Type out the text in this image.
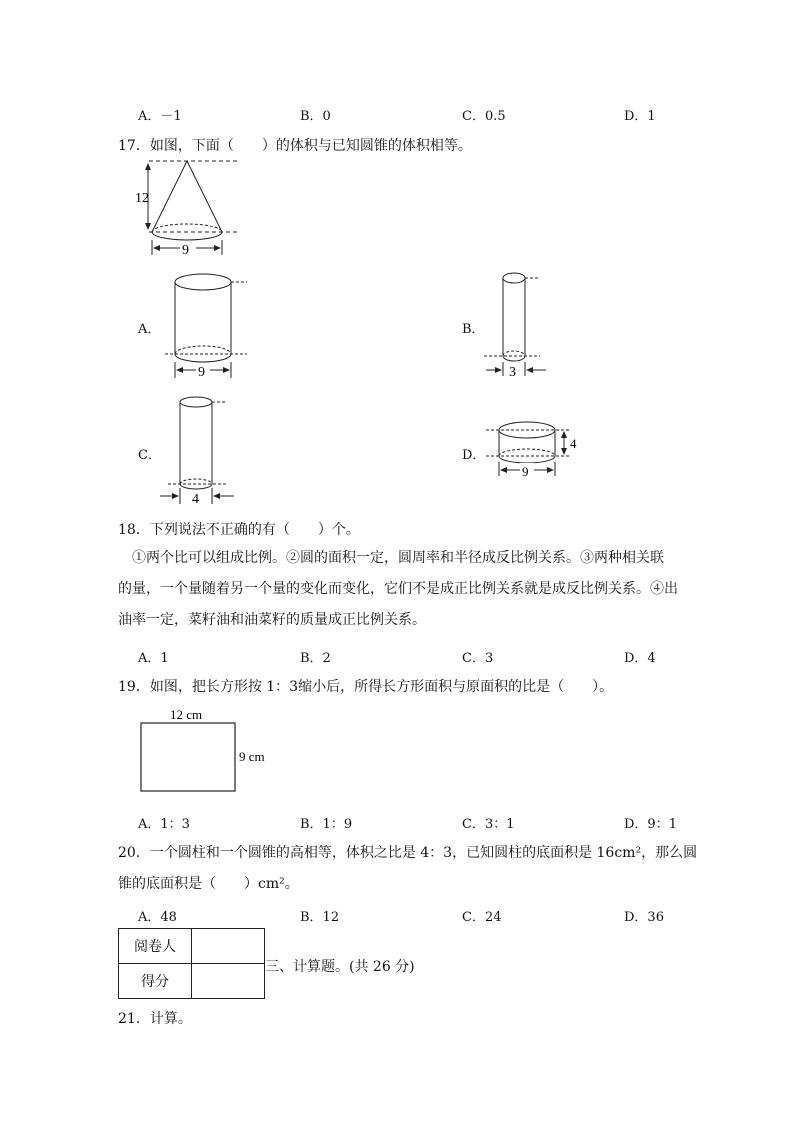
A．－1	B．0	C．0.5	D．1
17．如图，下面（　　）的体积与已知圆锥的体积相等。
12
9
A．
9
B．
3
C．
4
D．
4
9
18．下列说法不正确的有（　　）个。
①两个比可以组成比例。②圆的面积一定，圆周率和半径成反比例关系。③两种相关联
的量，一个量随着另一个量的变化而变化，它们不是成正比例关系就是成反比例关系。④出
油率一定，菜籽油和油菜籽的质量成正比例关系。
A．1	B．2	C．3	D．4
19．如图，把长方形按 1：3缩小后，所得长方形面积与原面积的比是（　　）。
12 cm
9 cm
A．1：3	B．1：9	C．3：1	D．9：1
20．一个圆柱和一个圆锥的高相等，体积之比是 4：3，已知圆柱的底面积是 16cm²，那么圆
锥的底面积是（　　）cm²。
A．48	B．12	C．24	D．36
阅卷人	
得分	
三、计算题。(共 26 分)
21．计算。
